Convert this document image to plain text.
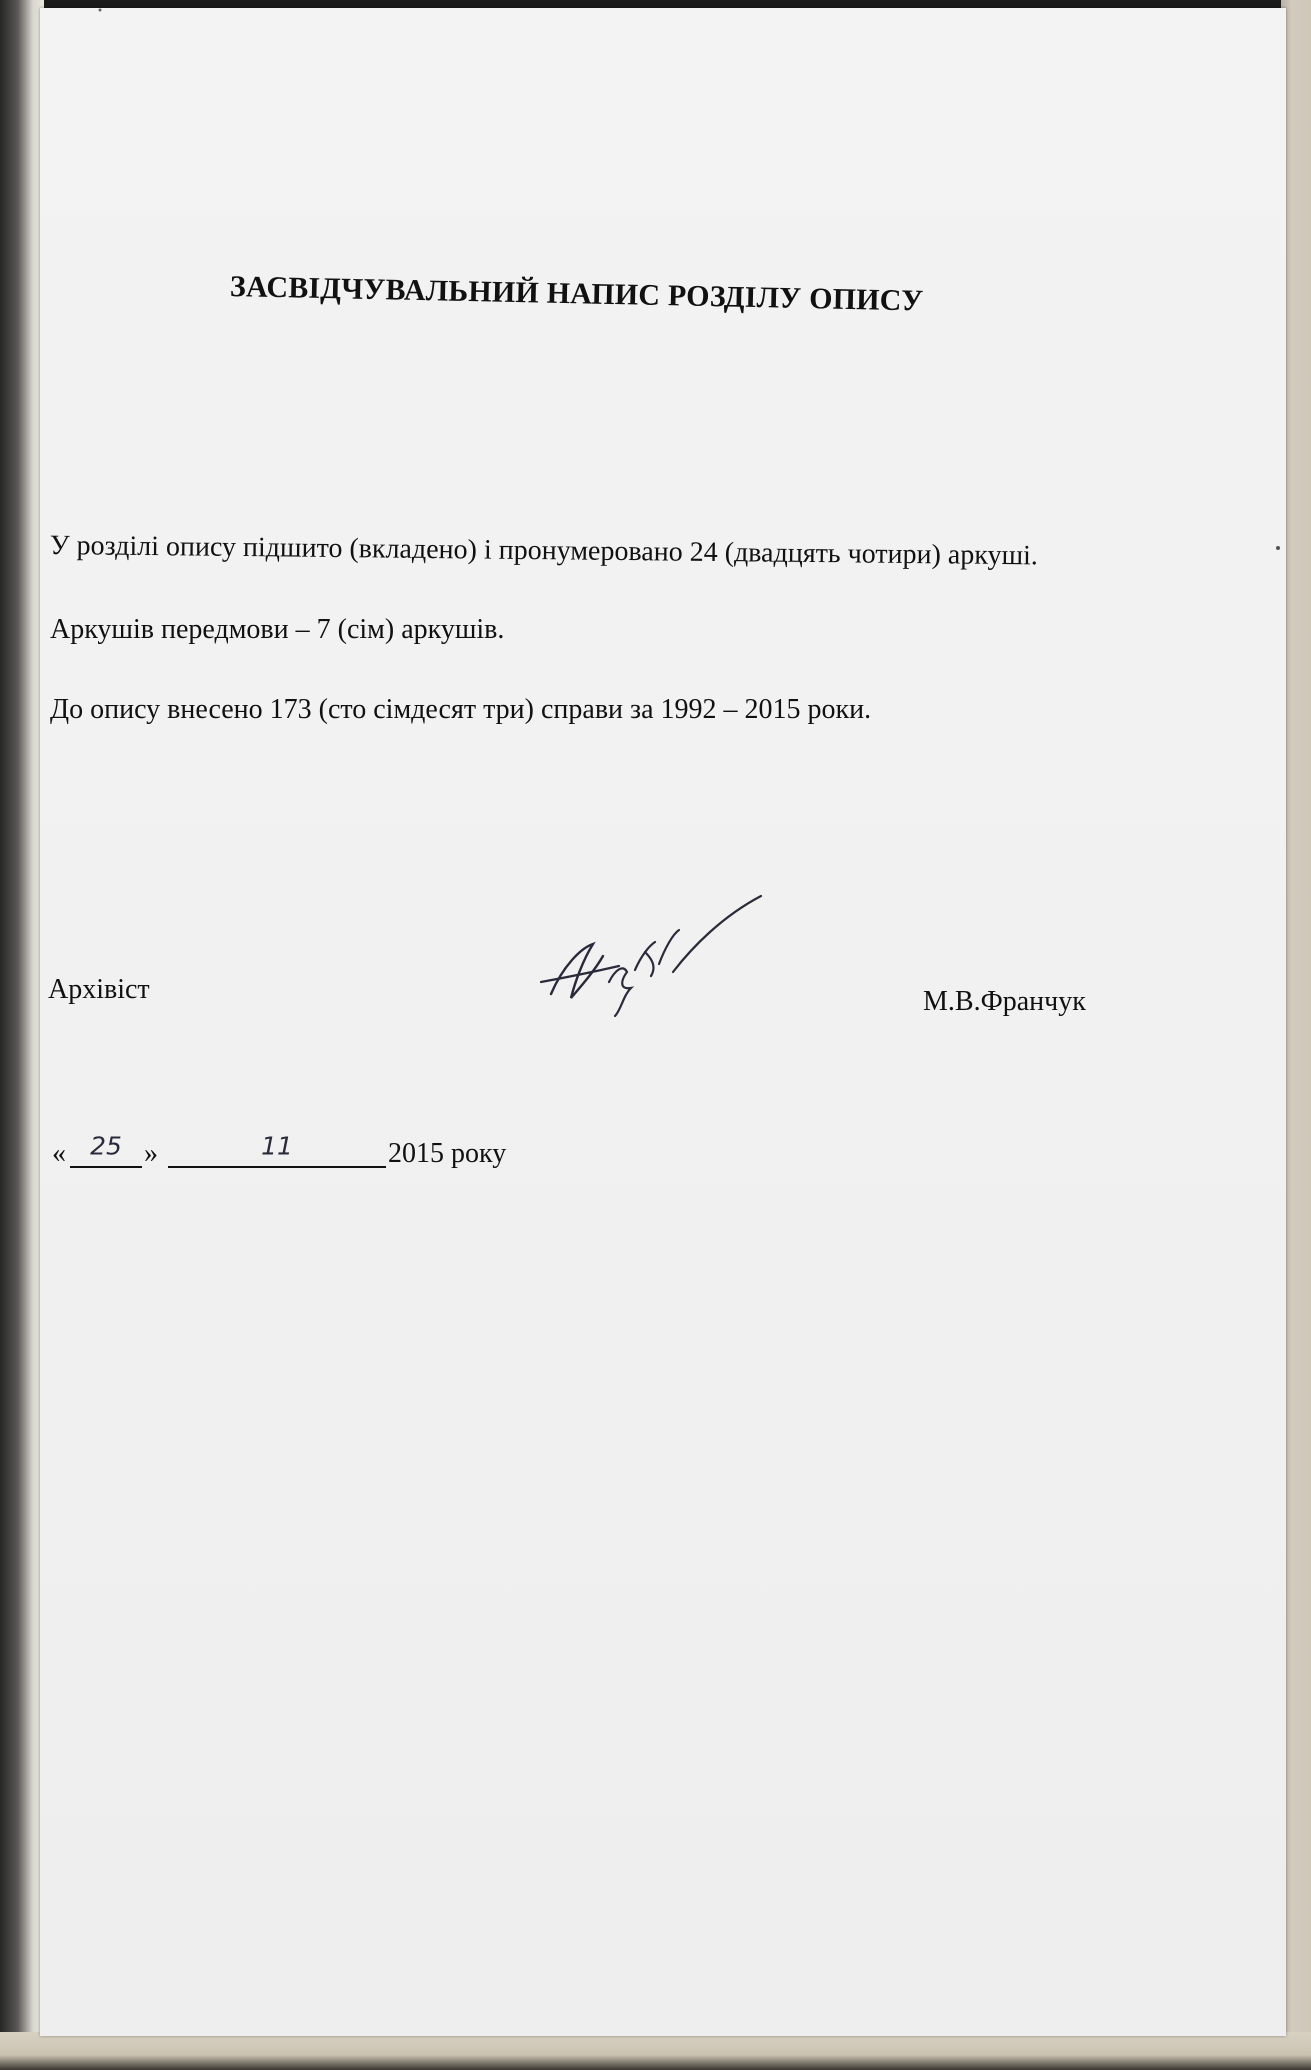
ЗАСВІДЧУВАЛЬНИЙ НАПИС РОЗДІЛУ ОПИСУ

У розділі опису підшито (вкладено) і пронумеровано 24 (двадцять чотири) аркуші.

Аркушів передмови – 7 (сім) аркушів.

До опису внесено 173 (сто сімдесят три) справи за 1992 – 2015 роки.

Архівіст	М.В.Франчук
« 25 »	11	2015 року
